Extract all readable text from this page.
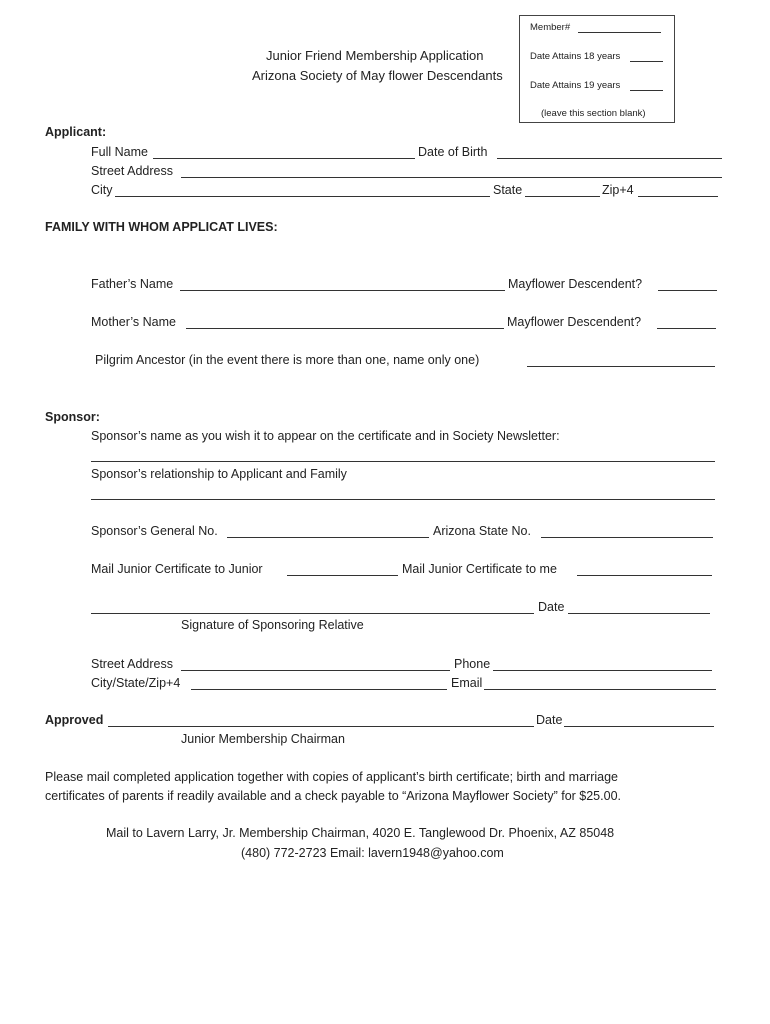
Member#
Date Attains 18 years
Date Attains 19 years
(leave this section blank)
Junior Friend Membership Application
Arizona Society of May flower Descendants
Applicant:
Full Name	Date of Birth
Street Address
City	State	Zip+4
FAMILY WITH WHOM APPLICAT LIVES:
Father’s Name	Mayflower Descendent?
Mother’s Name	Mayflower Descendent?
Pilgrim Ancestor (in the event there is more than one, name only one)
Sponsor:
Sponsor’s name as you wish it to appear on the certificate and in Society Newsletter:
Sponsor’s relationship to Applicant and Family
Sponsor’s General No.	Arizona State No.
Mail Junior Certificate to Junior	Mail Junior Certificate to me
Date
Signature of Sponsoring Relative
Street Address	Phone
City/State/Zip+4	Email
Approved	Date
Junior Membership Chairman
Please mail completed application together with copies of applicant’s birth certificate; birth and marriage
certificates of parents if readily available and a check payable to “Arizona Mayflower Society” for $25.00.
Mail to Lavern Larry, Jr. Membership Chairman, 4020 E. Tanglewood Dr. Phoenix, AZ 85048
(480) 772-2723 Email: lavern1948@yahoo.com
